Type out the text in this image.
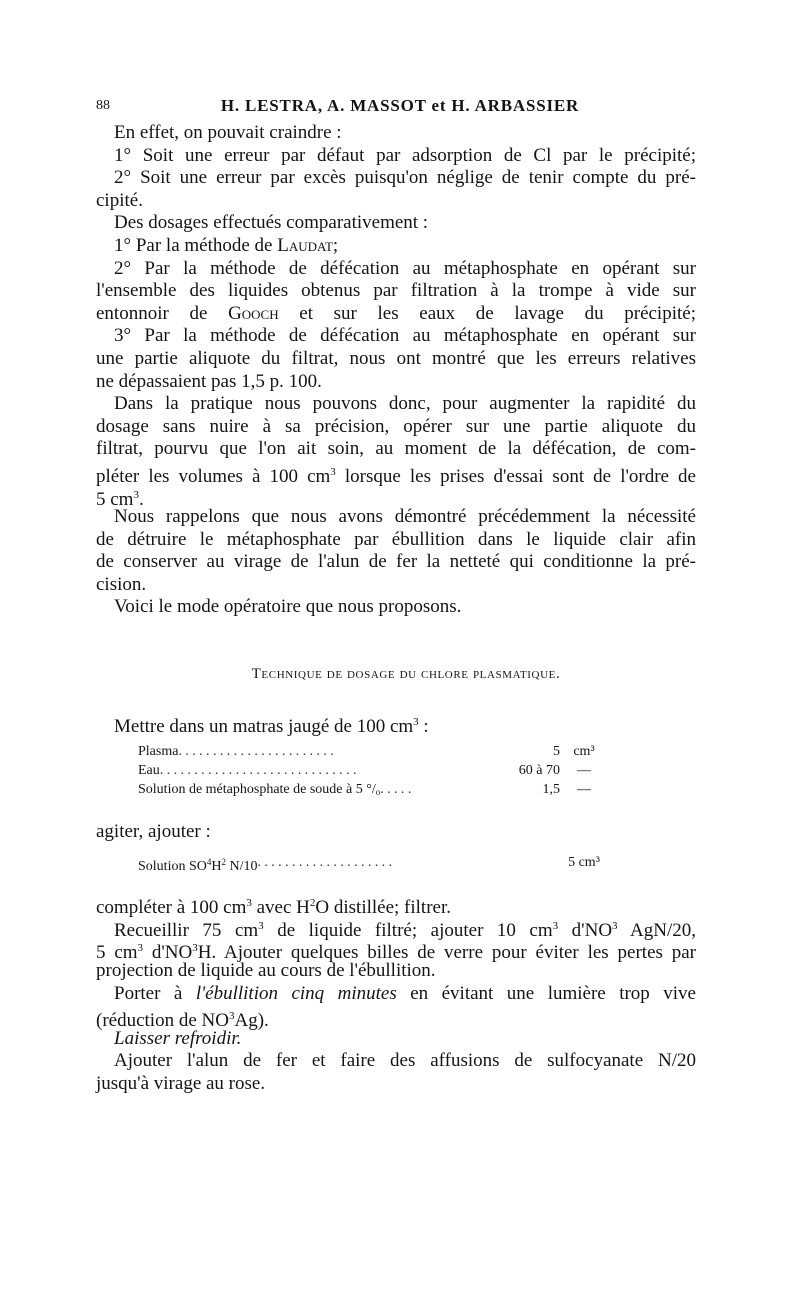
88	H. LESTRA, A. MASSOT et H. ARBASSIER
En effet, on pouvait craindre :
1° Soit une erreur par défaut par adsorption de Cl par le précipité;
2° Soit une erreur par excès puisqu'on néglige de tenir compte du pré-
cipité.
Des dosages effectués comparativement :
1° Par la méthode de Laudat;
2° Par la méthode de défécation au métaphosphate en opérant sur
l'ensemble des liquides obtenus par filtration à la trompe à vide sur
entonnoir de Gooch et sur les eaux de lavage du précipité;
3° Par la méthode de défécation au métaphosphate en opérant sur
une partie aliquote du filtrat, nous ont montré que les erreurs relatives
ne dépassaient pas 1,5 p. 100.
Dans la pratique nous pouvons donc, pour augmenter la rapidité du
dosage sans nuire à sa précision, opérer sur une partie aliquote du
filtrat, pourvu que l'on ait soin, au moment de la défécation, de com-
pléter les volumes à 100 $cm^3$ lorsque les prises d'essai sont de l'ordre de
5 $cm^3$.
Nous rappelons que nous avons démontré précédemment la nécessité
de détruire le métaphosphate par ébullition dans le liquide clair afin
de conserver au virage de l'alun de fer la netteté qui conditionne la pré-
cision.
Voici le mode opératoire que nous proposons.
Technique de dosage du chlore plasmatique.
Mettre dans un matras jaugé de 100 $cm^3$ :
Plasma .......................	5 cm³
Eau .............................	60 à 70	—
Solution de métaphosphate de soude à 5 °/o .....	1,5	—
agiter, ajouter :
Solution $SO^4H^2$ N/10 ....................	5 cm³
compléter à 100 $cm^3$ avec $H^2O$ distillée; filtrer.
Recueillir 75 $cm^3$ de liquide filtré; ajouter 10 $cm^3$ $d'NO^3$ AgN/20,
5 $cm^3$ $d'NO^3H$. Ajouter quelques billes de verre pour éviter les pertes par
projection de liquide au cours de l'ébullition.
Porter à l'ébullition cinq minutes en évitant une lumière trop vive
(réduction de $NO^3Ag$).
Laisser refroidir.
Ajouter l'alun de fer et faire des affusions de sulfocyanate N/20
jusqu'à virage au rose.
